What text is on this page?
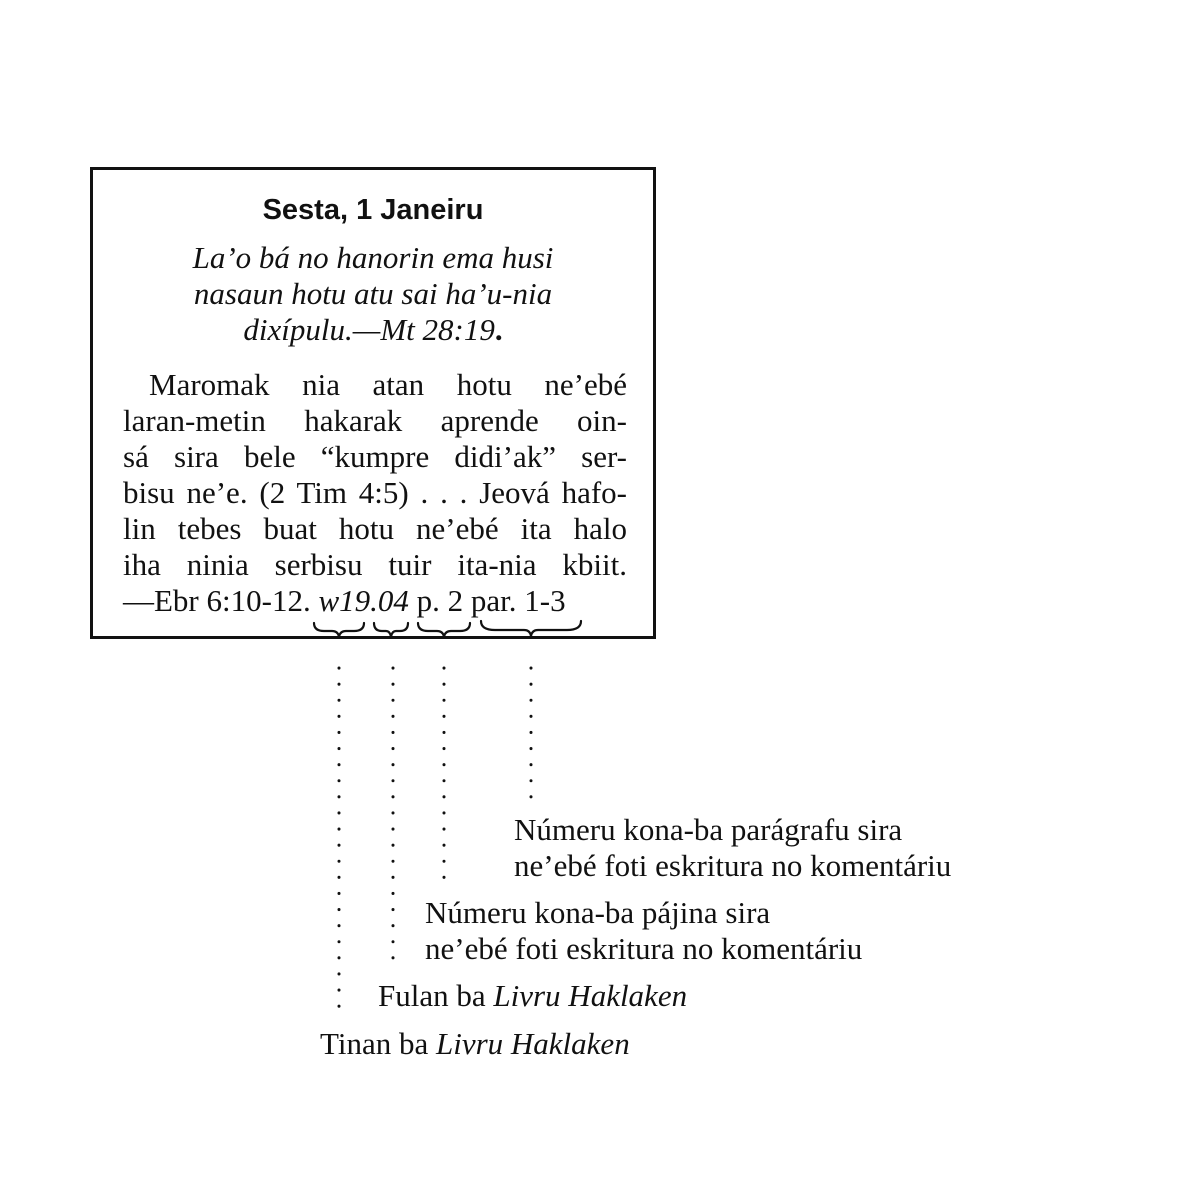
Sesta, 1 Janeiru
La’o bá no hanorin ema husi
nasaun hotu atu sai ha’u-nia
dixípulu.—Mt 28:19.
Maromak nia atan hotu ne’ebé
laran-metin hakarak aprende oin-
sá sira bele “kumpre didi’ak” ser-
bisu ne’e. (2 Tim 4:5) . . . Jeová hafo-
lin tebes buat hotu ne’ebé ita halo
iha ninia serbisu tuir ita-nia kbiit.
—Ebr 6:10-12. w19.04 p. 2 par. 1-3
Númeru kona-ba parágrafu sira
ne’ebé foti eskritura no komentáriu
Númeru kona-ba pájina sira
ne’ebé foti eskritura no komentáriu
Fulan ba Livru Haklaken
Tinan ba Livru Haklaken
